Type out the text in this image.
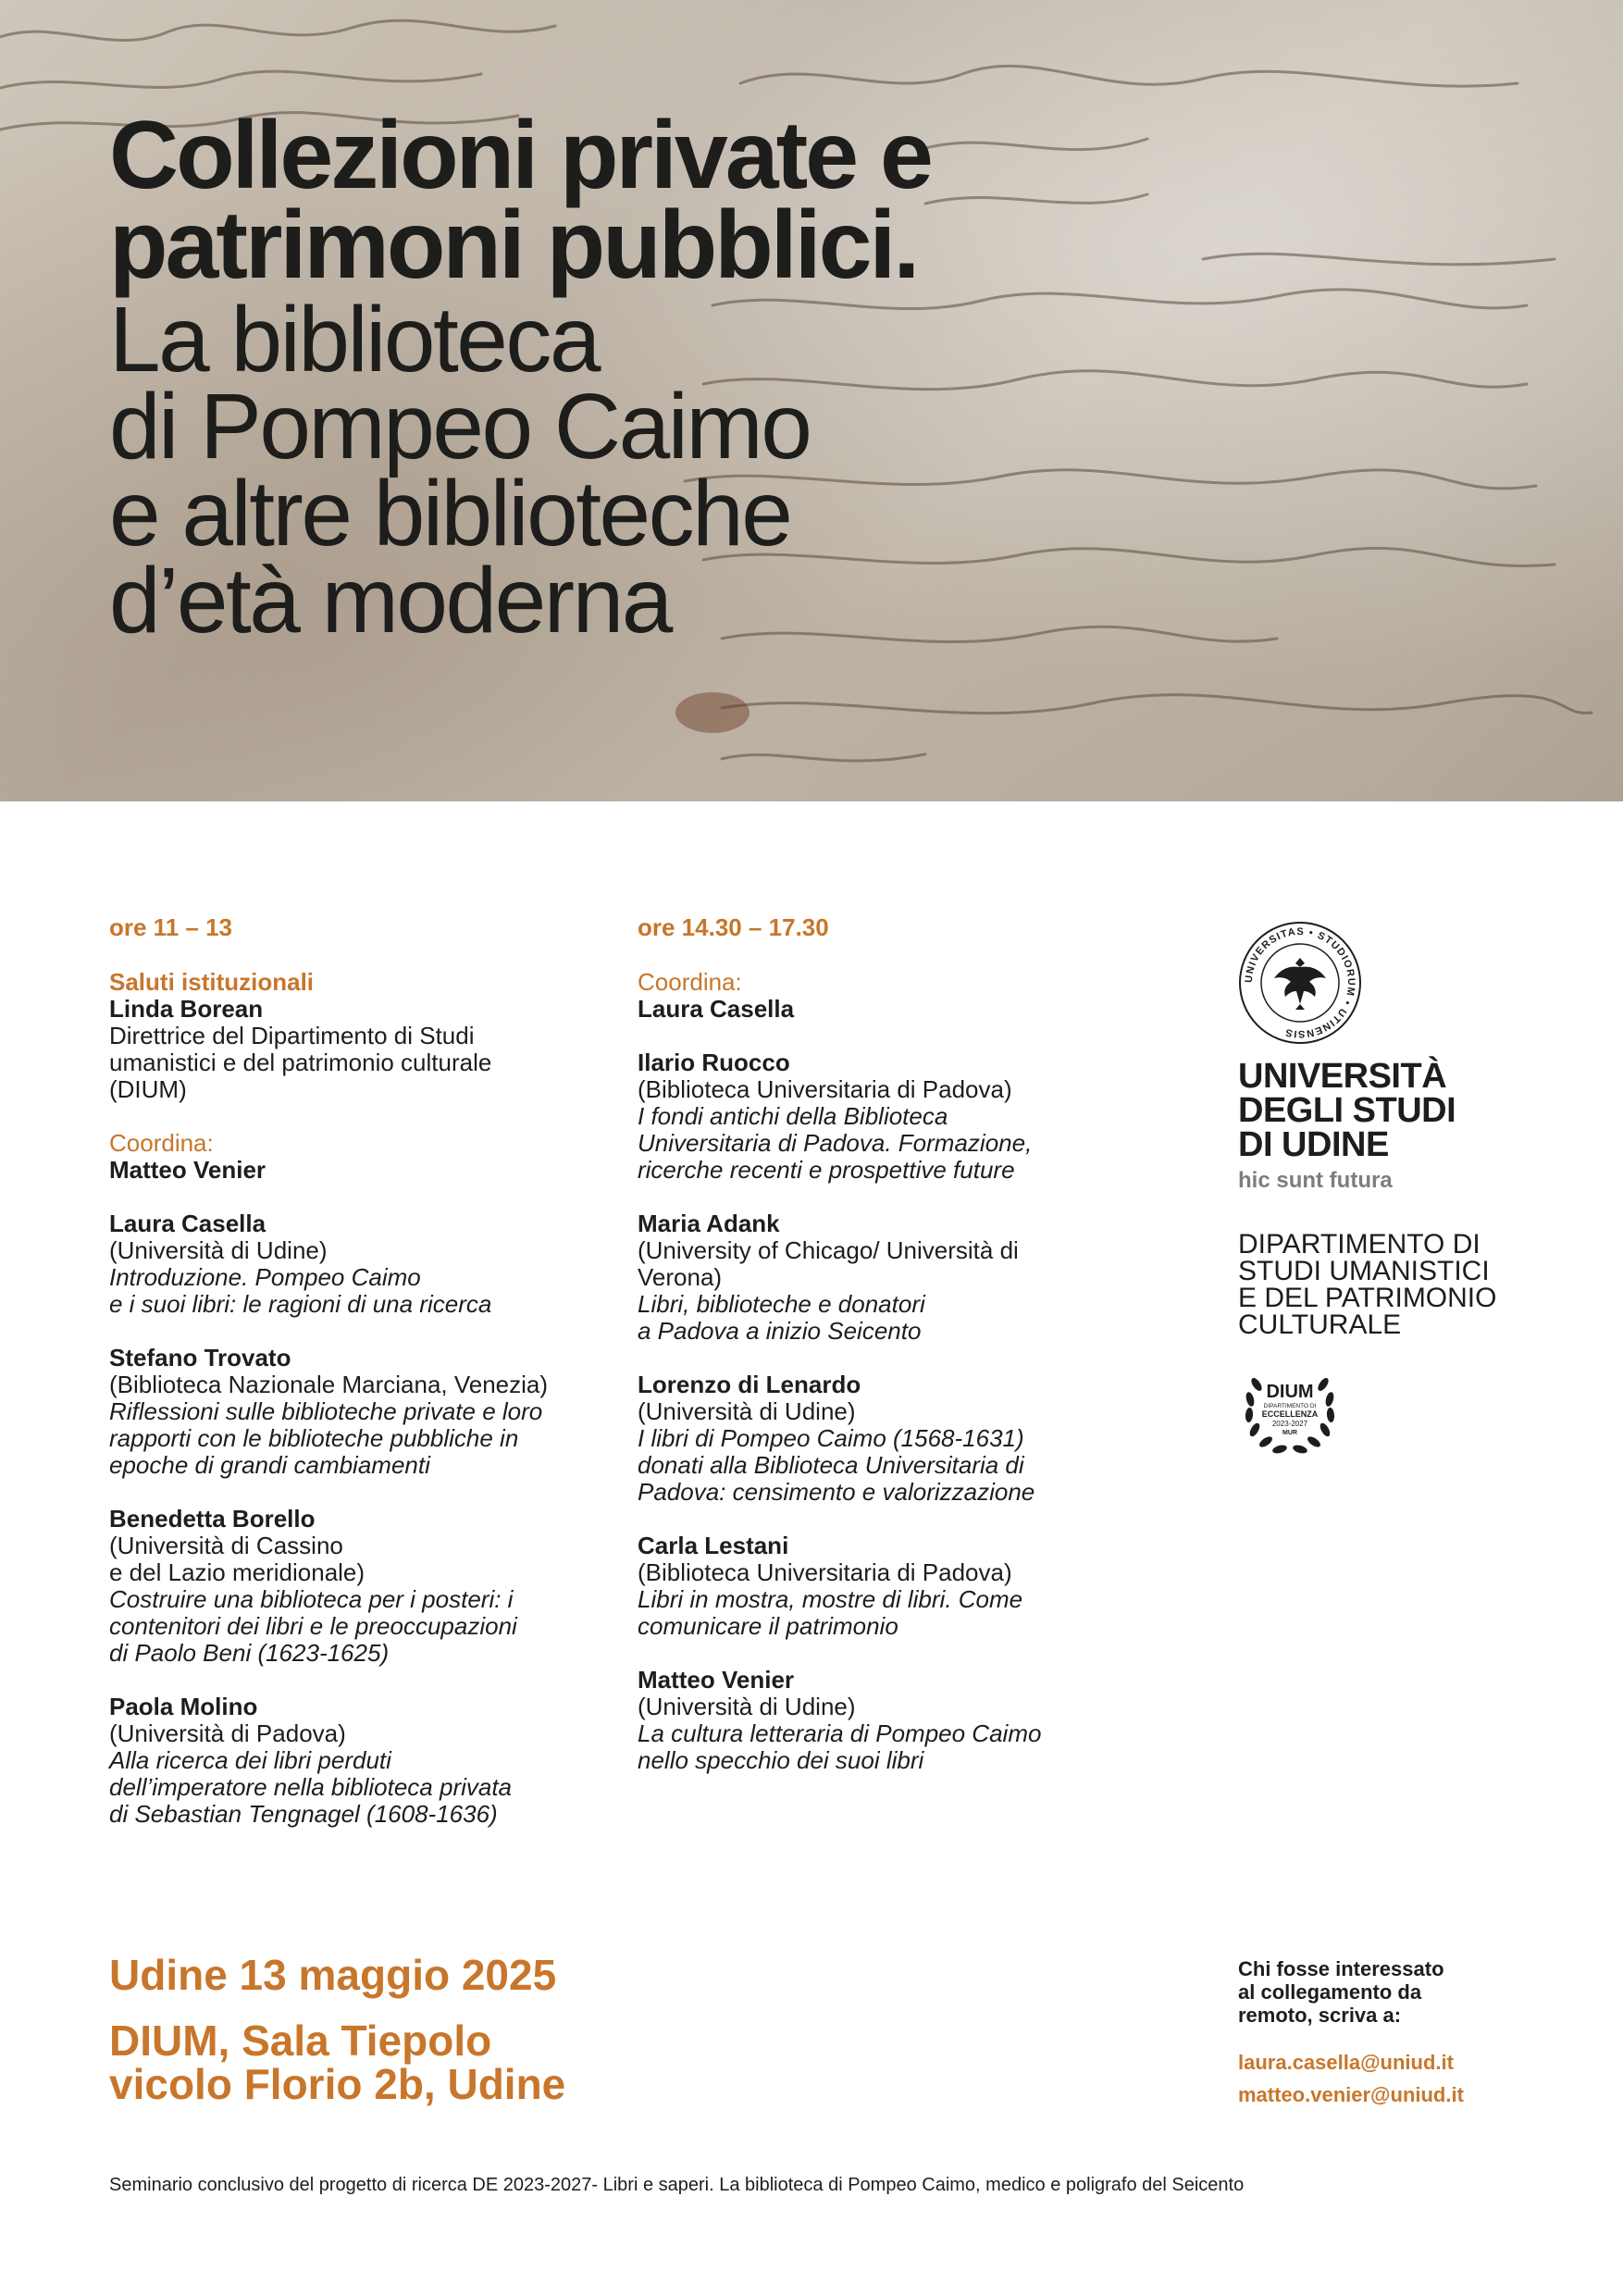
Collezioni private e
patrimoni pubblici.
La biblioteca
di Pompeo Caimo
e altre biblioteche
d’età moderna
ore 11 – 13
Saluti istituzionali
Linda Borean
Direttrice del Dipartimento di Studi
umanistici e del patrimonio culturale
(DIUM)
Coordina:
Matteo Venier
Laura Casella
(Università di Udine)
Introduzione. Pompeo Caimo
e i suoi libri: le ragioni di una ricerca
Stefano Trovato
(Biblioteca Nazionale Marciana, Venezia)
Riflessioni sulle biblioteche private e loro
rapporti con le biblioteche pubbliche in
epoche di grandi cambiamenti
Benedetta Borello
(Università di Cassino
e del Lazio meridionale)
Costruire una biblioteca per i posteri: i
contenitori dei libri e le preoccupazioni
di Paolo Beni (1623-1625)
Paola Molino
(Università di Padova)
Alla ricerca dei libri perduti
dell’imperatore nella biblioteca privata
di Sebastian Tengnagel (1608-1636)
ore 14.30 – 17.30
Coordina:
Laura Casella
Ilario Ruocco
(Biblioteca Universitaria di Padova)
I fondi antichi della Biblioteca
Universitaria di Padova. Formazione,
ricerche recenti e prospettive future
Maria Adank
(University of Chicago/ Università di
Verona)
Libri, biblioteche e donatori
a Padova a inizio Seicento
Lorenzo di Lenardo
(Università di Udine)
I libri di Pompeo Caimo (1568-1631)
donati alla Biblioteca Universitaria di
Padova: censimento e valorizzazione
Carla Lestani
(Biblioteca Universitaria di Padova)
Libri in mostra, mostre di libri. Come
comunicare il patrimonio
Matteo Venier
(Università di Udine)
La cultura letteraria di Pompeo Caimo
nello specchio dei suoi libri
UNIVERSITAS • STUDIORUM • UTINENSIS
UNIVERSITÀ
DEGLI STUDI
DI UDINE
hic sunt futura
DIPARTIMENTO DI
STUDI UMANISTICI
E DEL PATRIMONIO
CULTURALE
DIUM
DIPARTIMENTO DI
ECCELLENZA
2023-2027
MUR
Udine 13 maggio 2025
DIUM, Sala Tiepolo
vicolo Florio 2b, Udine
Chi fosse interessato
al collegamento da
remoto, scriva a:
laura.casella@uniud.it
matteo.venier@uniud.it
Seminario conclusivo del progetto di ricerca DE 2023-2027- Libri e saperi. La biblioteca di Pompeo Caimo, medico e poligrafo del Seicento
